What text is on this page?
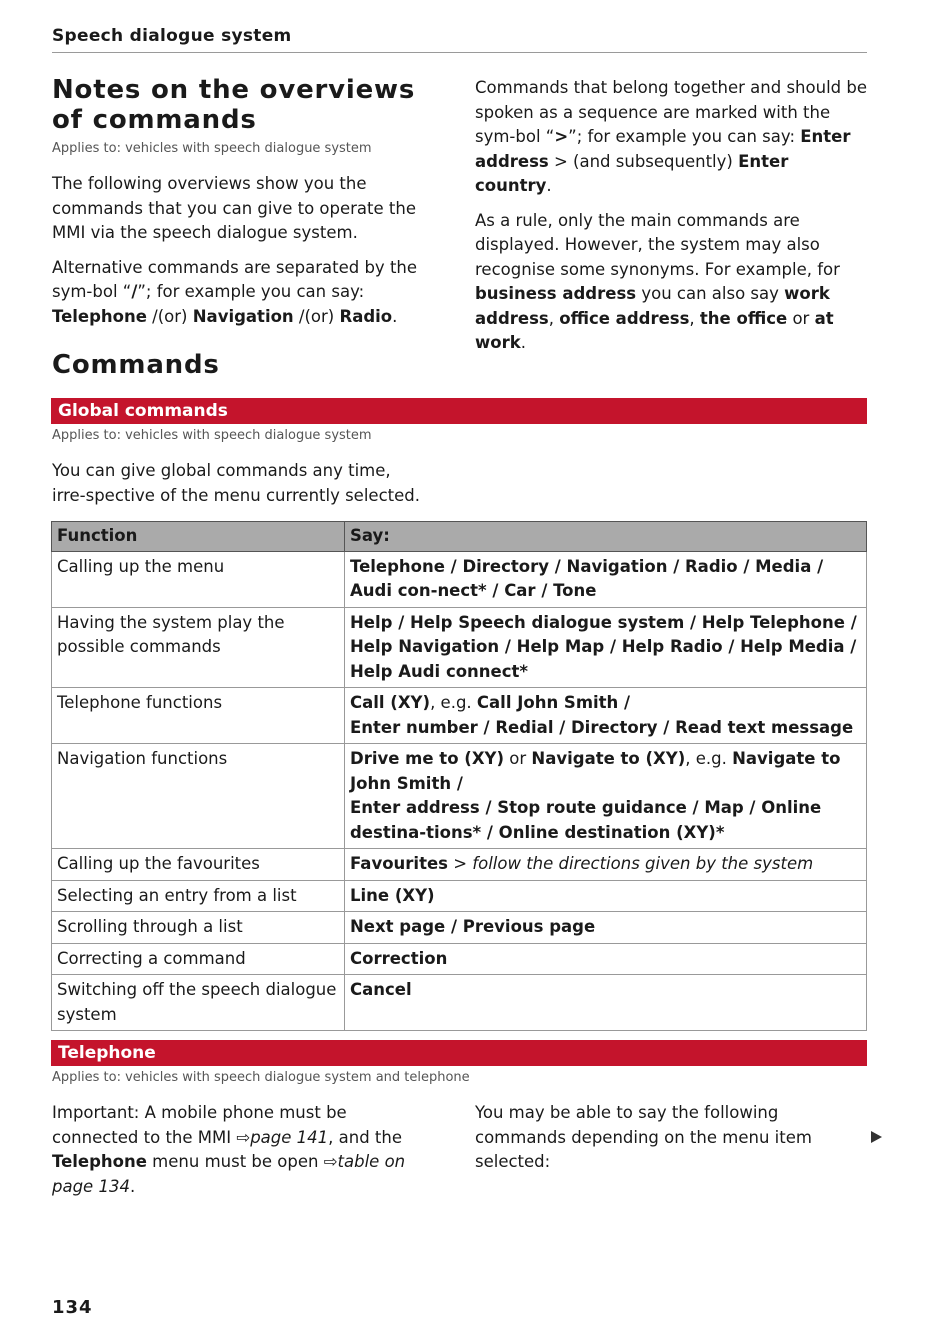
Speech dialogue system
Notes on the overviews of commands
Applies to: vehicles with speech dialogue system

The following overviews show you the commands that you can give to operate the MMI via the speech dialogue system.

Alternative commands are separated by the sym-bol “/”; for example you can say: Telephone /(or) Navigation /(or) Radio.

Commands that belong together and should be spoken as a sequence are marked with the sym-bol “>”; for example you can say: Enter address > (and subsequently) Enter country.

As a rule, only the main commands are displayed. However, the system may also recognise some synonyms. For example, for business address you can also say work address, office address, the office or at work.

Commands
Global commands
Applies to: vehicles with speech dialogue system

You can give global commands any time, irre-spective of the menu currently selected.

Function	Say:
Calling up the menu	Telephone / Directory / Navigation / Radio / Media / Audi con-nect* / Car / Tone
Having the system play the possible commands	Help / Help Speech dialogue system / Help Telephone / Help Navigation / Help Map / Help Radio / Help Media / Help Audi connect*
Telephone functions	Call (XY), e.g. Call John Smith /
Enter number / Redial / Directory / Read text message
Navigation functions	Drive me to (XY) or Navigate to (XY), e.g. Navigate to John Smith /
Enter address / Stop route guidance / Map / Online destina-tions* / Online destination (XY)*
Calling up the favourites	Favourites > follow the directions given by the system
Selecting an entry from a list	Line (XY)
Scrolling through a list	Next page / Previous page
Correcting a command	Correction
Switching off the speech dialogue system	Cancel
Telephone
Applies to: vehicles with speech dialogue system and telephone

Important: A mobile phone must be connected to the MMI ⇨page 141, and the Telephone menu must be open ⇨table on page 134.

You may be able to say the following commands depending on the menu item selected:

134
